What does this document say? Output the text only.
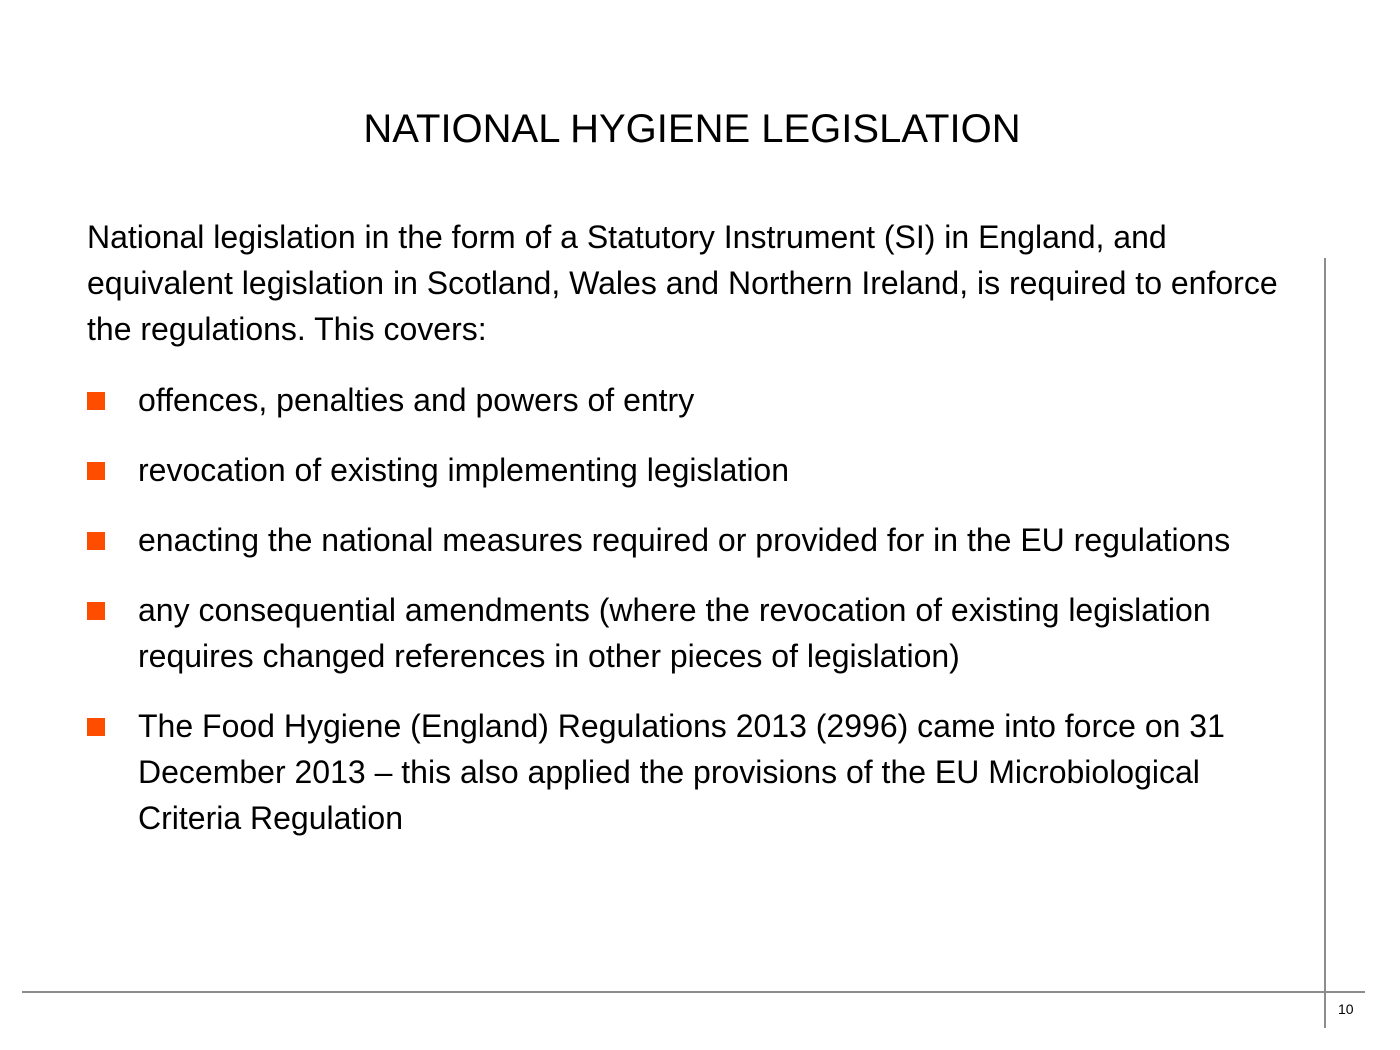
NATIONAL HYGIENE LEGISLATION

National legislation in the form of a Statutory Instrument (SI) in England, and equivalent legislation in Scotland, Wales and Northern Ireland, is required to enforce the regulations. This covers:

offences, penalties and powers of entry
revocation of existing implementing legislation
enacting the national measures required or provided for in the EU regulations
any consequential amendments (where the revocation of existing legislation requires changed references in other pieces of legislation)
The Food Hygiene (England) Regulations 2013 (2996) came into force on 31 December 2013 – this also applied the provisions of the EU Microbiological Criteria Regulation
10
